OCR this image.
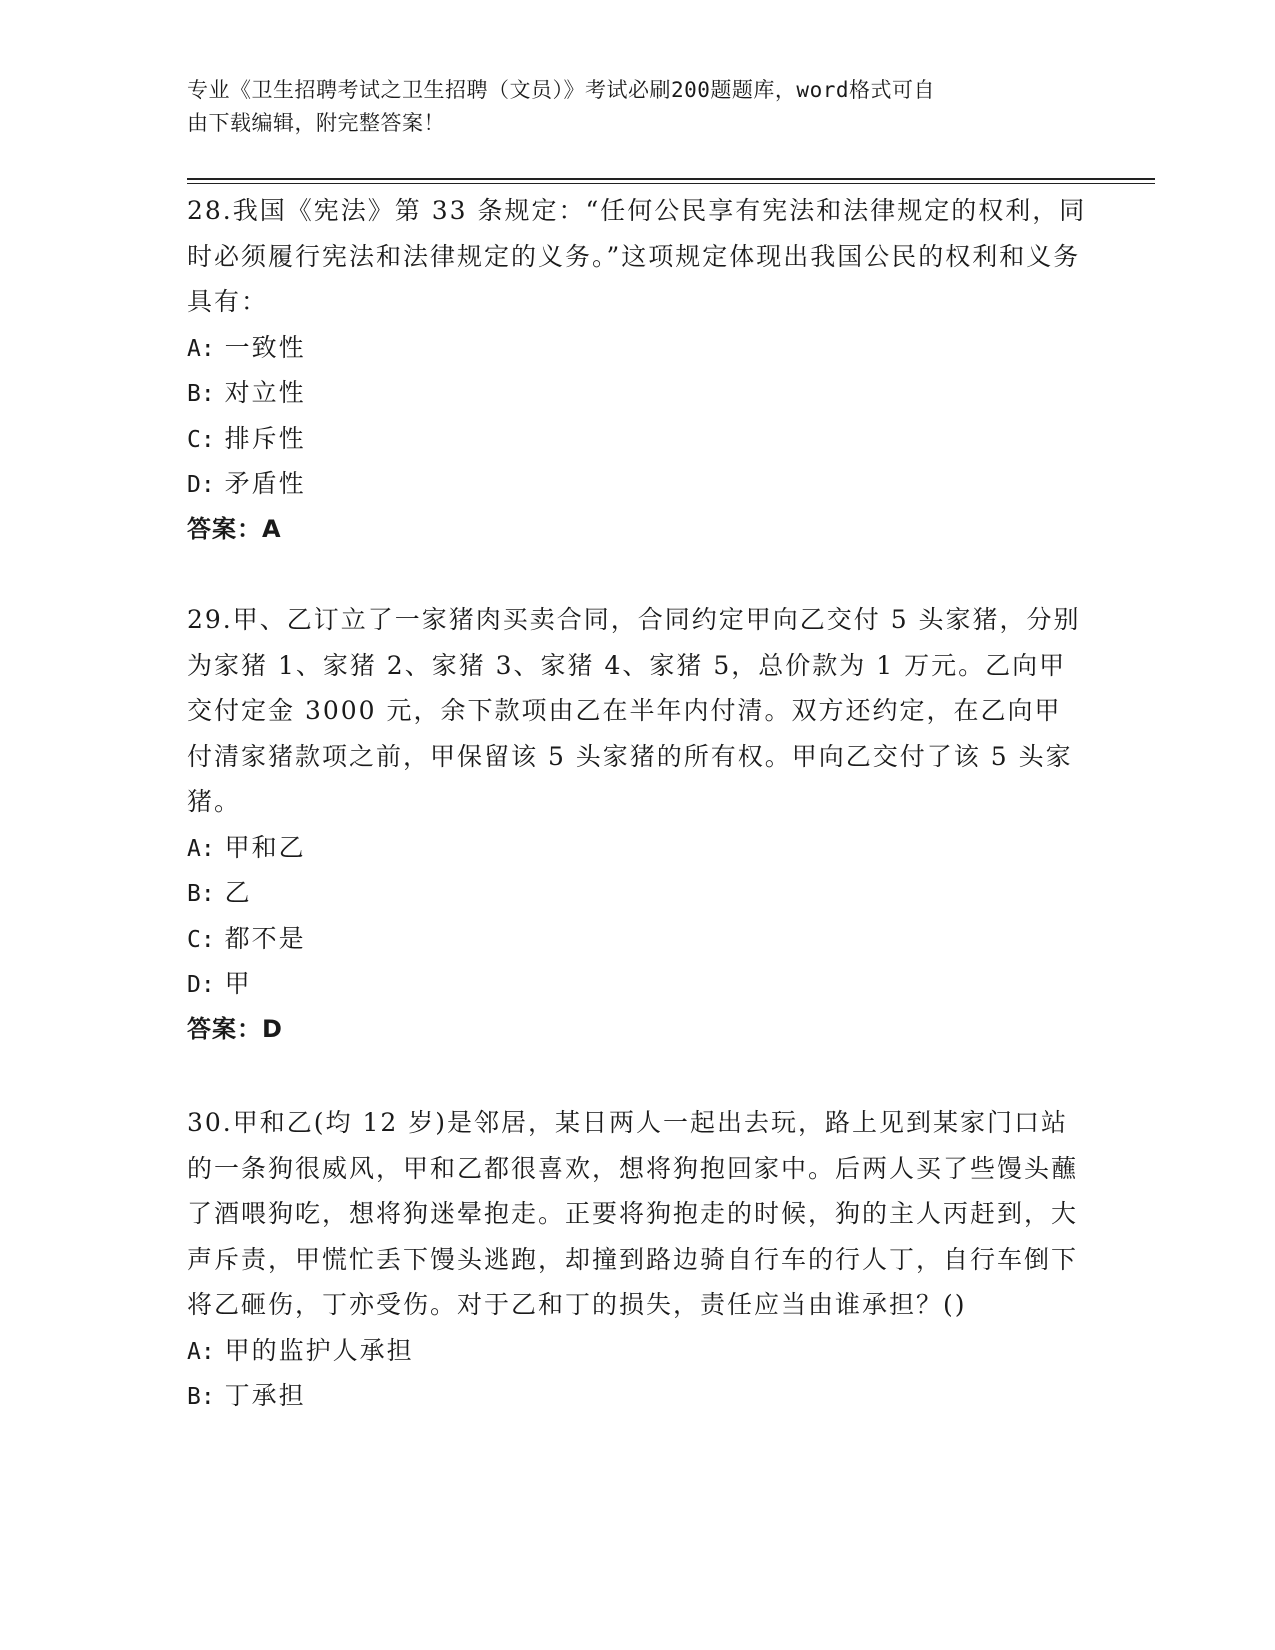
专业《卫生招聘考试之卫生招聘（文员）》考试必刷200题题库，word格式可自
由下载编辑，附完整答案！
28.我国《宪法》第 33 条规定：“任何公民享有宪法和法律规定的权利，同时必须履行宪法和法律规定的义务。”这项规定体现出我国公民的权利和义务具有：
A: 一致性
B: 对立性
C: 排斥性
D: 矛盾性
答案：A
29.甲、乙订立了一家猪肉买卖合同，合同约定甲向乙交付 5 头家猪，分别为家猪 1、家猪 2、家猪 3、家猪 4、家猪 5，总价款为 1 万元。乙向甲交付定金 3000 元，余下款项由乙在半年内付清。双方还约定，在乙向甲付清家猪款项之前，甲保留该 5 头家猪的所有权。甲向乙交付了该 5 头家猪。
A: 甲和乙
B: 乙
C: 都不是
D: 甲
答案：D
30.甲和乙(均 12 岁)是邻居，某日两人一起出去玩，路上见到某家门口站的一条狗很威风，甲和乙都很喜欢，想将狗抱回家中。后两人买了些馒头蘸了酒喂狗吃，想将狗迷晕抱走。正要将狗抱走的时候，狗的主人丙赶到，大声斥责，甲慌忙丢下馒头逃跑，却撞到路边骑自行车的行人丁，自行车倒下将乙砸伤，丁亦受伤。对于乙和丁的损失，责任应当由谁承担？()
A: 甲的监护人承担
B: 丁承担
